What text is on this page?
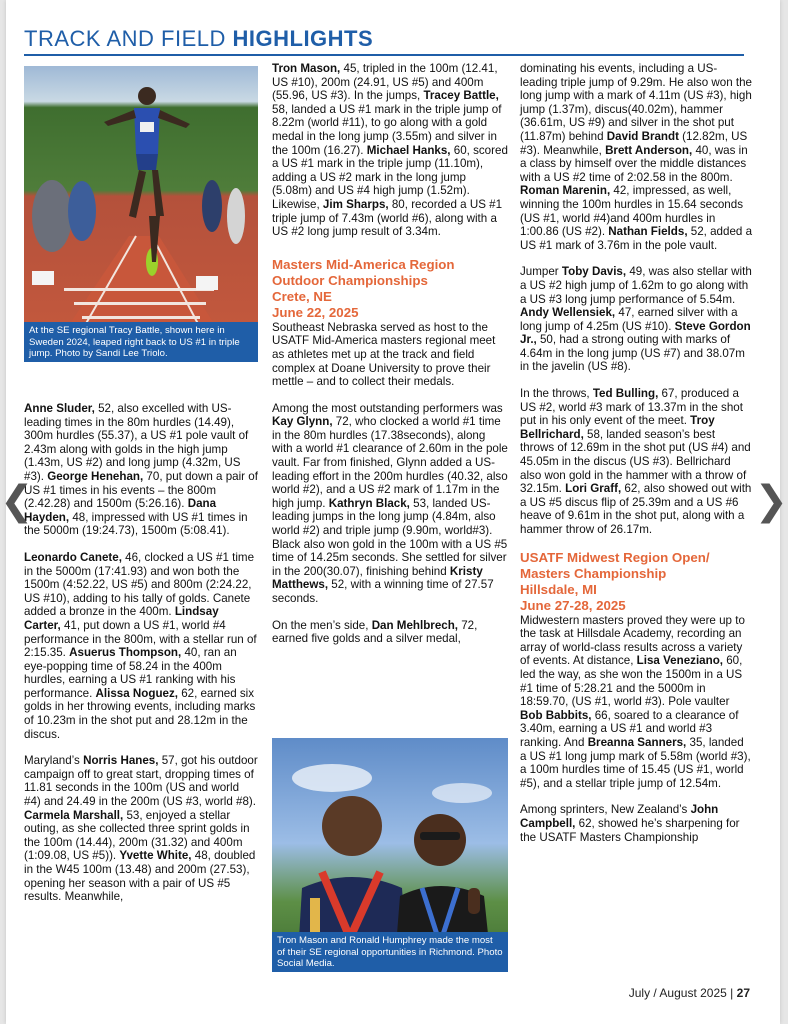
TRACK AND FIELD HIGHLIGHTS
At the SE regional Tracy Battle, shown here in Sweden 2024, leaped right back to US #1 in triple jump. Photo by Sandi Lee Triolo.

Anne Sluder, 52, also excelled with US-leading times in the 80m hurdles (14.49), 300m hurdles (55.37), a US #1 pole vault of 2.43m along with golds in the high jump (1.43m, US #2) and long jump (4.32m, US #3). George Henehan, 70, put down a pair of US #1 times in his events – the 800m (2.42.28) and 1500m (5:26.16). Dana Hayden, 48, impressed with US #1 times in the 5000m (19:24.73), 1500m (5:08.41).

Leonardo Canete, 46, clocked a US #1 time in the 5000m (17:41.93) and won both the 1500m (4:52.22, US #5) and 800m (2:24.22, US #10), adding to his tally of golds. Canete added a bronze in the 400m. Lindsay Carter, 41, put down a US #1, world #4 performance in the 800m, with a stellar run of 2:15.35. Asuerus Thompson, 40, ran an eye-popping time of 58.24 in the 400m hurdles, earning a US #1 ranking with his performance. Alissa Noguez, 62, earned six golds in her throwing events, including marks of 10.23m in the shot put and 28.12m in the discus.

Maryland’s Norris Hanes, 57, got his outdoor campaign off to great start, dropping times of 11.81 seconds in the 100m (US and world #4) and 24.49 in the 200m (US #3, world #8). Carmela Marshall, 53, enjoyed a stellar outing, as she collected three sprint golds in the 100m (14.44), 200m (31.32) and 400m (1:09.08, US #5)). Yvette White, 48, doubled in the W45 100m (13.48) and 200m (27.53), opening her season with a pair of US #5 results. Meanwhile,

Tron Mason, 45, tripled in the 100m (12.41, US #10), 200m (24.91, US #5) and 400m (55.96, US #3). In the jumps, Tracey Battle, 58, landed a US #1 mark in the triple jump of 8.22m (world #11), to go along with a gold medal in the long jump (3.55m) and silver in the 100m (16.27). Michael Hanks, 60, scored a US #1 mark in the triple jump (11.10m), adding a US #2 mark in the long jump (5.08m) and US #4 high jump (1.52m). Likewise, Jim Sharps, 80, recorded a US #1 triple jump of 7.43m (world #6), along with a US #2 long jump result of 3.34m.

Masters Mid-America Region
Outdoor Championships
Crete, NE
June 22, 2025

Southeast Nebraska served as host to the USATF Mid-America masters regional meet as athletes met up at the track and field complex at Doane University to prove their mettle – and to collect their medals.

Among the most outstanding performers was Kay Glynn, 72, who clocked a world #1 time in the 80m hurdles (17.38seconds), along with a world #1 clearance of 2.60m in the pole vault. Far from finished, Glynn added a US-leading effort in the 200m hurdles (40.32, also world #2), and a US #2 mark of 1.17m in the high jump. Kathryn Black, 53, landed US-leading jumps in the long jump (4.84m, also world #2) and triple jump (9.90m, world#3). Black also won gold in the 100m with a US #5 time of 14.25m seconds. She settled for silver in the 200(30.07), finishing behind Kristy Matthews, 52, with a winning time of 27.57 seconds.

On the men’s side, Dan Mehlbrech, 72, earned five golds and a silver medal,

Tron Mason and Ronald Humphrey made the most of their SE regional opportunities in Richmond. Photo Social Media.

dominating his events, including a US-leading triple jump of 9.29m. He also won the long jump with a mark of 4.11m (US #3), high jump (1.37m), discus(40.02m), hammer (36.61m, US #9) and silver in the shot put (11.87m) behind David Brandt (12.82m, US #3). Meanwhile, Brett Anderson, 40, was in a class by himself over the middle distances with a US #2 time of 2:02.58 in the 800m. Roman Marenin, 42, impressed, as well, winning the 100m hurdles in 15.64 seconds (US #1, world #4)and 400m hurdles in 1:00.86 (US #2). Nathan Fields, 52, added a US #1 mark of 3.76m in the pole vault.

Jumper Toby Davis, 49, was also stellar with a US #2 high jump of 1.62m to go along with a US #3 long jump performance of 5.54m. Andy Wellensiek, 47, earned silver with a long jump of 4.25m (US #10). Steve Gordon Jr., 50, had a strong outing with marks of 4.64m in the long jump (US #7) and 38.07m in the javelin (US #8).

In the throws, Ted Bulling, 67, produced a US #2, world #3 mark of 13.37m in the shot put in his only event of the meet. Troy Bellrichard, 58, landed season’s best throws of 12.69m in the shot put (US #4) and 45.05m in the discus (US #3). Bellrichard also won gold in the hammer with a throw of 32.15m. Lori Graff, 62, also showed out with a US #5 discus flip of 25.39m and a US #6 heave of 9.61m in the shot put, along with a hammer throw of 26.17m.

USATF Midwest Region Open/
Masters Championship
Hillsdale, MI
June 27-28, 2025

Midwestern masters proved they were up to the task at Hillsdale Academy, recording an array of world-class results across a variety of events. At distance, Lisa Veneziano, 60, led the way, as she won the 1500m in a US #1 time of 5:28.21 and the 5000m in 18:59.70, (US #1, world #3). Pole vaulter Bob Babbits, 66, soared to a clearance of 3.40m, earning a US #1 and world #3 ranking. And Breanna Sanners, 35, landed a US #1 long jump mark of 5.58m (world #3), a 100m hurdles time of 15.45 (US #1, world #5), and a stellar triple jump of 12.54m.

Among sprinters, New Zealand’s John Campbell, 62, showed he’s sharpening for the USATF Masters Championship

July / August 2025 | 27
❮	❯
